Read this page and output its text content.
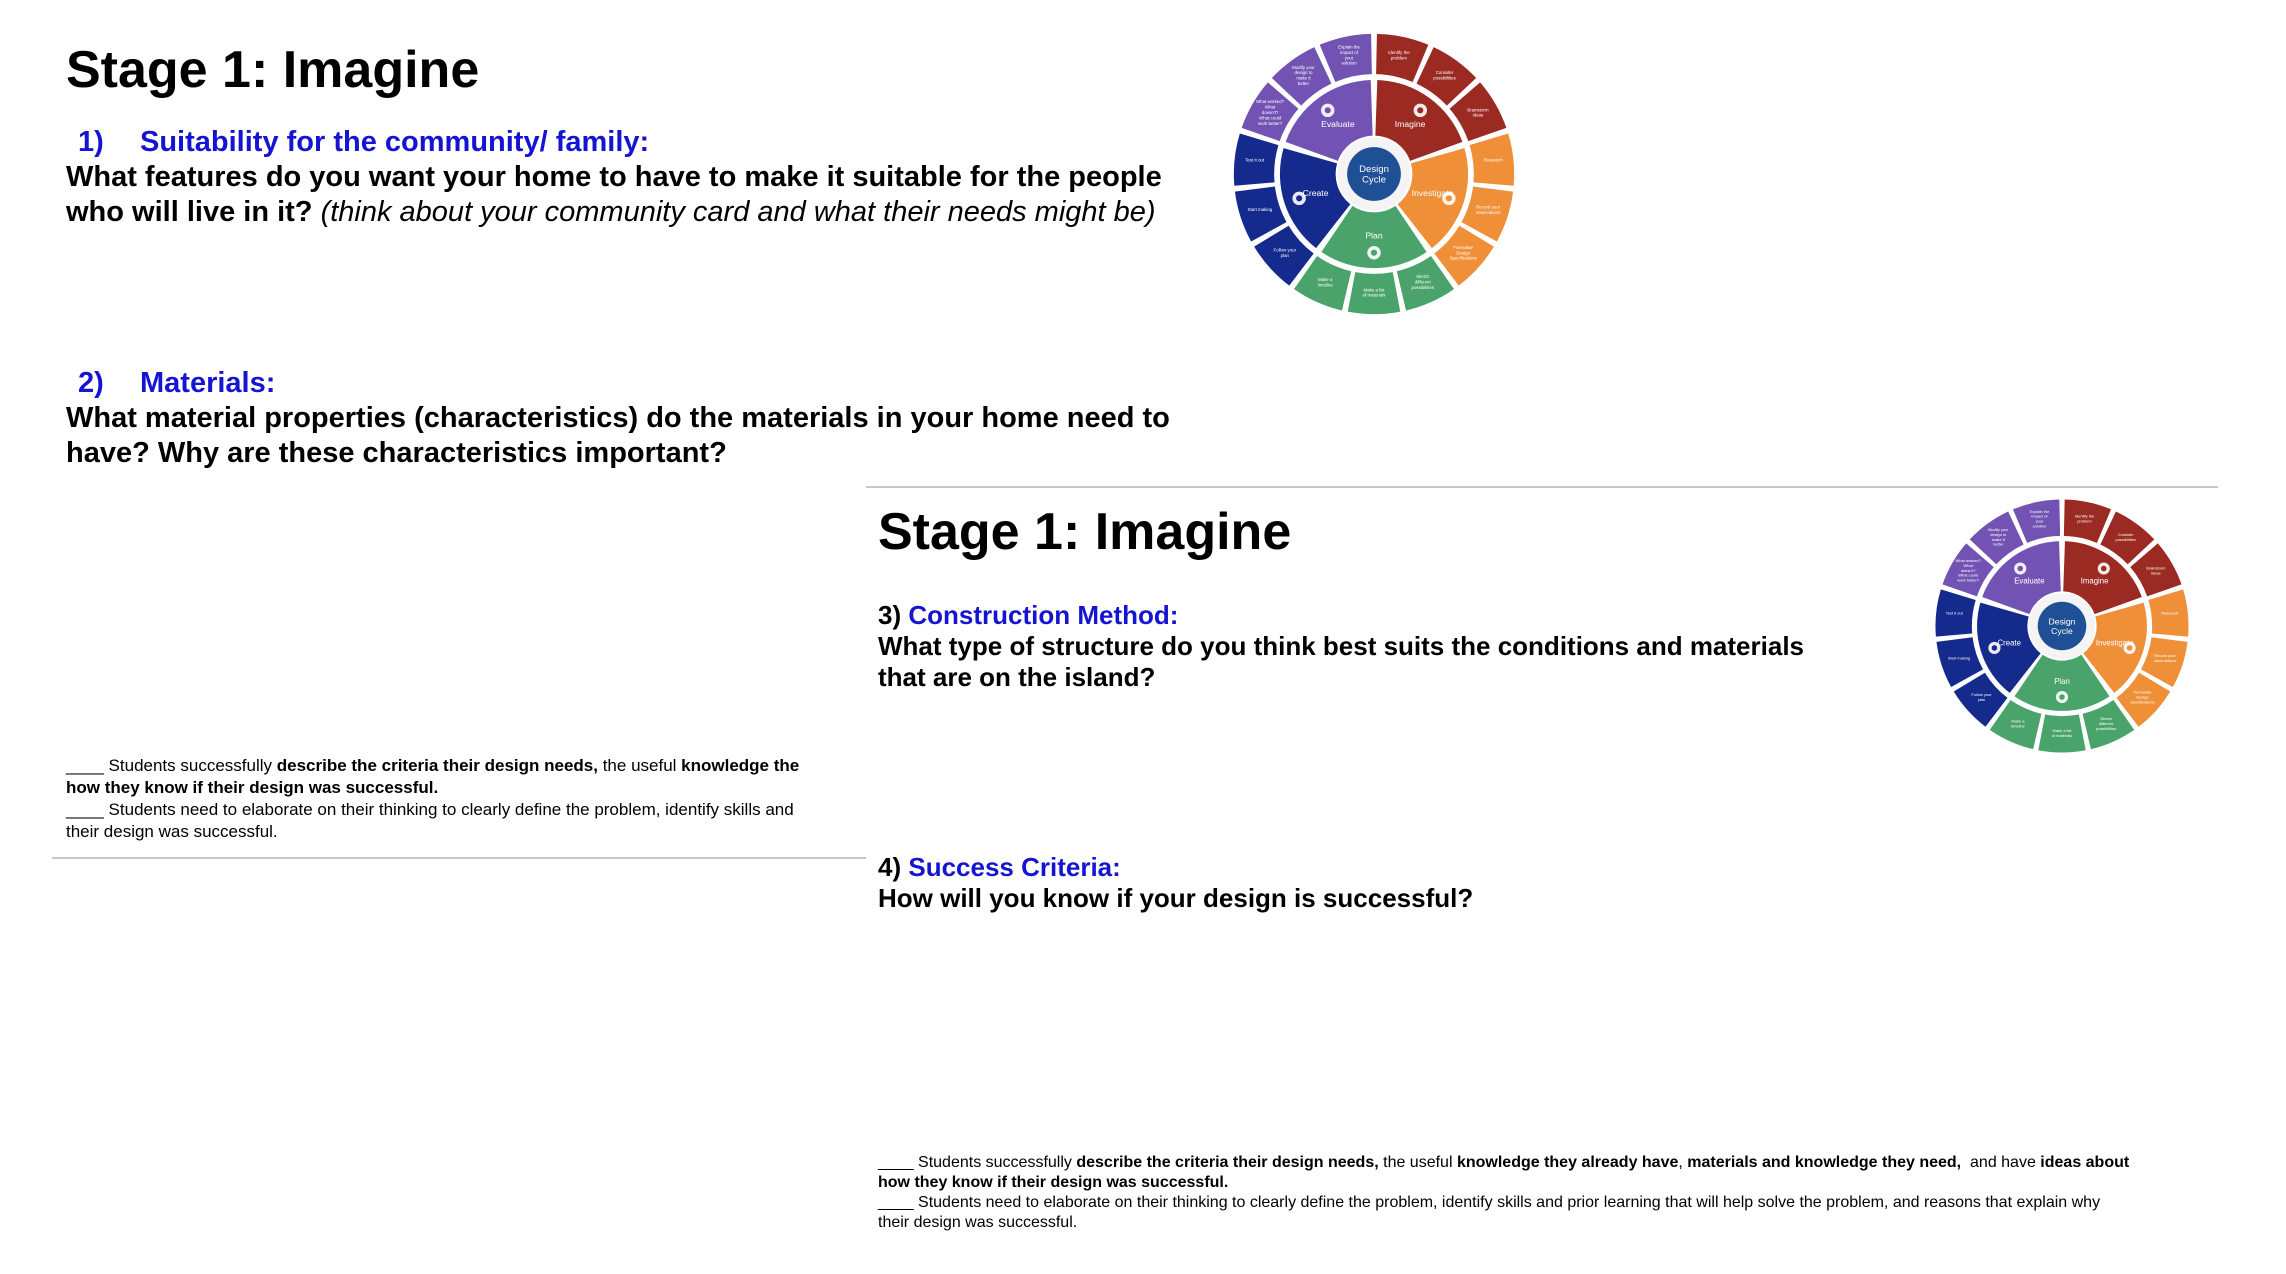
Stage 1: Imagine
1) Suitability for the community/ family:
What features do you want your home to have to make it suitable for the people
who will live in it? (think about your community card and what their needs might be)
2) Materials:
What material properties (characteristics) do the materials in your home need to
have? Why are these characteristics important?
____ Students successfully describe the criteria their design needs, the useful knowledge the
how they know if their design was successful.
____ Students need to elaborate on their thinking to clearly define the problem, identify skills and
their design was successful.
Identify the problem
Consider possibilities
Brainstorm ideas
Research
Record your observations
Formulate Design Specifications
Sketch different possibilities
Make a list of materials
Make a timeline
Follow your plan
Start making
Test it out
What worked? What doesn't? What could work better?
Modify your design to make it better
Explain the impact of your solution
Imagine
Investigate
Plan
Create
Evaluate
Design
Cycle
Stage 1: Imagine
3) Construction Method:
What type of structure do you think best suits the conditions and materials
that are on the island?
4) Success Criteria:
How will you know if your design is successful?
____ Students successfully describe the criteria their design needs, the useful knowledge they already have, materials and knowledge they need,  and have ideas about
how they know if their design was successful.
____ Students need to elaborate on their thinking to clearly define the problem, identify skills and prior learning that will help solve the problem, and reasons that explain why
their design was successful.
Identify the problem
Consider possibilities
Brainstorm ideas
Research
Record your observations
Formulate Design Specifications
Sketch different possibilities
Make a list of materials
Make a timeline
Follow your plan
Start making
Test it out
What worked? What doesn't? What could work better?
Modify your design to make it better
Explain the impact of your solution
Imagine
Investigate
Plan
Create
Evaluate
Design
Cycle
